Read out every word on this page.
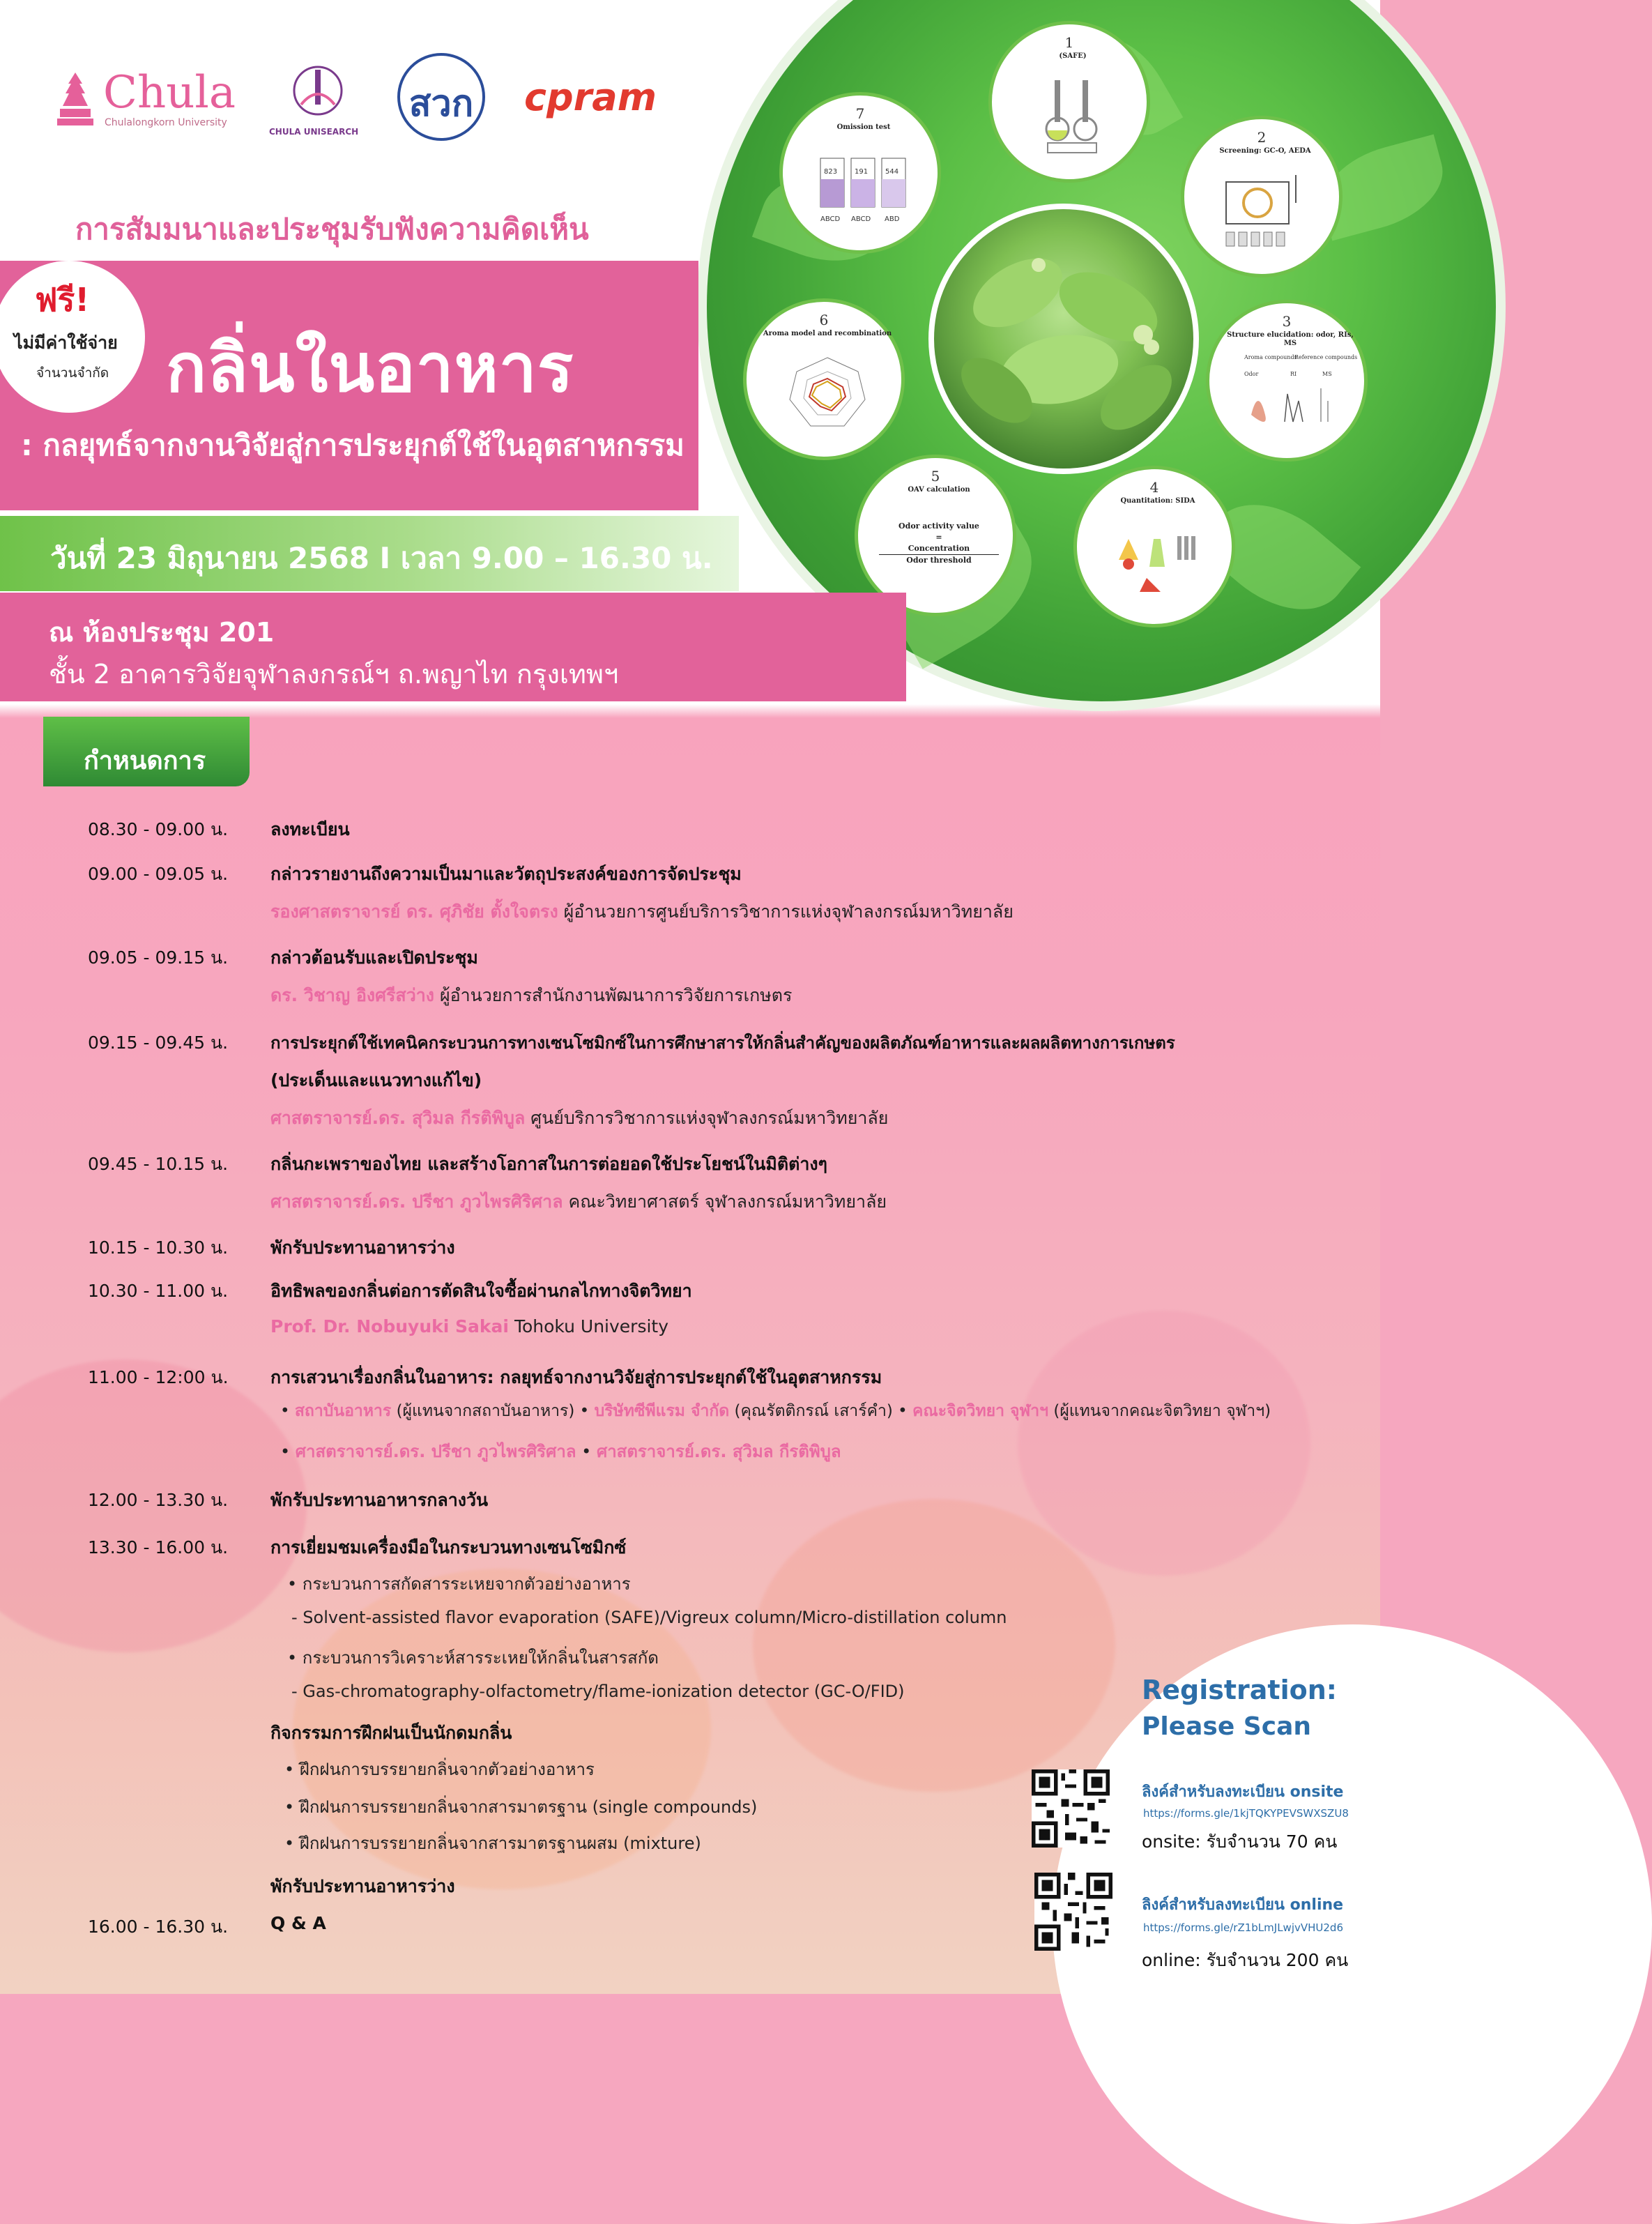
1
(SAFE)
2
Screening: GC-O, AEDA
3
Structure elucidation: odor, RIs, MS
Aroma compounds
Reference compounds
Odor	RI	MS
4
Quantitation: SIDA
5
OAV calculation
Odor activity value
=
Concentration
Odor threshold
6
Aroma model and recombination
7
Omission test
823 191 544
ABCD ABCD ABD
Chula
Chulalongkorn University
CHULA UNISEARCH
สวก cpram
การสัมมนาและประชุมรับฟังความคิดเห็น
ฟรี!
ไม่มีค่าใช้จ่าย
จำนวนจำกัด กลิ่นในอาหาร
: กลยุทธ์จากงานวิจัยสู่การประยุกต์ใช้ในอุตสาหกรรม
วันที่ 23 มิถุนายน 2568 I เวลา 9.00 – 16.30 น.
ณ ห้องประชุม 201
ชั้น 2 อาคารวิจัยจุฬาลงกรณ์ฯ ถ.พญาไท กรุงเทพฯ
กำหนดการ
08.30 - 09.00 น. ลงทะเบียน
09.00 - 09.05 น. กล่าวรายงานถึงความเป็นมาและวัตถุประสงค์ของการจัดประชุม
รองศาสตราจารย์ ดร. ศุภิชัย ตั้งใจตรง ผู้อำนวยการศูนย์บริการวิชาการแห่งจุฬาลงกรณ์มหาวิทยาลัย
09.05 - 09.15 น. กล่าวต้อนรับและเปิดประชุม
ดร. วิชาญ อิงศรีสว่าง ผู้อำนวยการสำนักงานพัฒนาการวิจัยการเกษตร
09.15 - 09.45 น.	การประยุกต์ใช้เทคนิคกระบวนการทางเซนโซมิกซ์ในการศึกษาสารให้กลิ่นสำคัญของผลิตภัณฑ์อาหารและผลผลิตทางการเกษตร
(ประเด็นและแนวทางแก้ไข)
ศาสตราจารย์.ดร. สุวิมล กีรติพิบูล ศูนย์บริการวิชาการแห่งจุฬาลงกรณ์มหาวิทยาลัย
09.45 - 10.15 น. กลิ่นกะเพราของไทย และสร้างโอกาสในการต่อยอดใช้ประโยชน์ในมิติต่างๆ
ศาสตราจารย์.ดร. ปรีชา ภูวไพรศิริศาล คณะวิทยาศาสตร์ จุฬาลงกรณ์มหาวิทยาลัย
10.15 - 10.30 น. พักรับประทานอาหารว่าง
10.30 - 11.00 น. อิทธิพลของกลิ่นต่อการตัดสินใจซื้อผ่านกลไกทางจิตวิทยา
Prof. Dr. Nobuyuki Sakai Tohoku University
11.00 - 12:00 น. การเสวนาเรื่องกลิ่นในอาหาร: กลยุทธ์จากงานวิจัยสู่การประยุกต์ใช้ในอุตสาหกรรม
• สถาบันอาหาร (ผู้แทนจากสถาบันอาหาร) • บริษัทซีพีแรม จำกัด (คุณรัตติกรณ์ เสาร์คำ) • คณะจิตวิทยา จุฬาฯ (ผู้แทนจากคณะจิตวิทยา จุฬาฯ)
• ศาสตราจารย์.ดร. ปรีชา ภูวไพรศิริศาล • ศาสตราจารย์.ดร. สุวิมล กีรติพิบูล
12.00 - 13.30 น. พักรับประทานอาหารกลางวัน
13.30 - 16.00 น. การเยี่ยมชมเครื่องมือในกระบวนทางเซนโซมิกซ์
• กระบวนการสกัดสารระเหยจากตัวอย่างอาหาร
- Solvent-assisted flavor evaporation (SAFE)/Vigreux column/Micro-distillation column
• กระบวนการวิเคราะห์สารระเหยให้กลิ่นในสารสกัด
- Gas-chromatography-olfactometry/flame-ionization detector (GC-O/FID)
กิจกรรมการฝึกฝนเป็นนักดมกลิ่น
• ฝึกฝนการบรรยายกลิ่นจากตัวอย่างอาหาร
• ฝึกฝนการบรรยายกลิ่นจากสารมาตรฐาน (single compounds)
• ฝึกฝนการบรรยายกลิ่นจากสารมาตรฐานผสม (mixture)
พักรับประทานอาหารว่าง
16.00 - 16.30 น. Q & A
Registration:
Please Scan
ลิงค์สำหรับลงทะเบียน onsite
https://forms.gle/1kjTQKYPEVSWXSZU8
onsite: รับจำนวน 70 คน
ลิงค์สำหรับลงทะเบียน online
https://forms.gle/rZ1bLmJLwjvVHU2d6
online: รับจำนวน 200 คน
